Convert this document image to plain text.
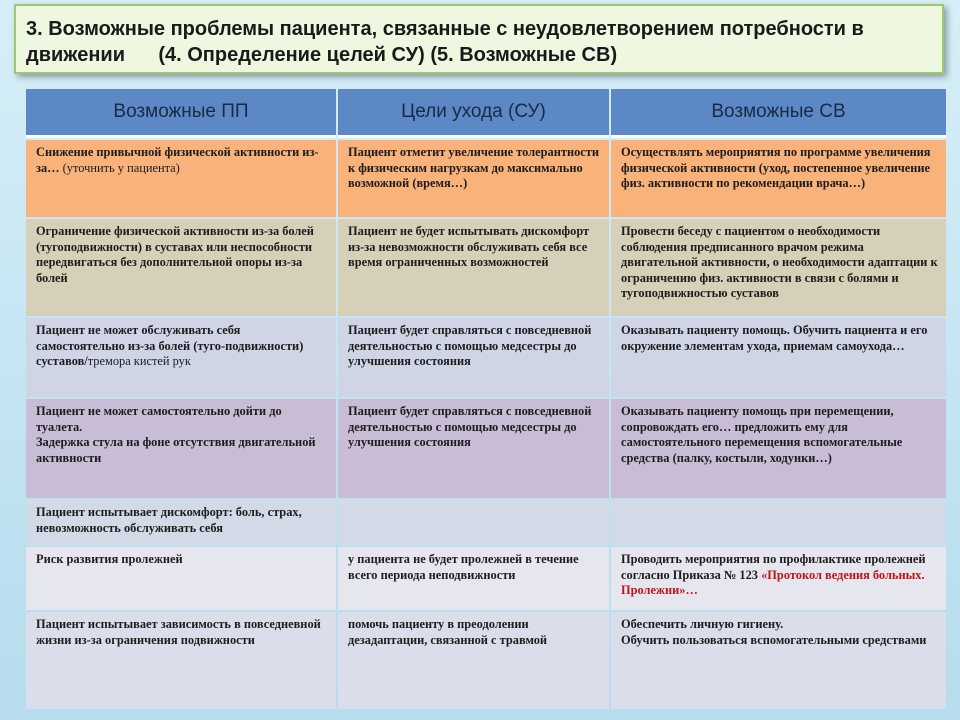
3. Возможные проблемы пациента, связанные с неудовлетворением потребности в
движении      (4. Определение целей СУ) (5. Возможные СВ)
Возможные ПП	Цели ухода (СУ)	Возможные СВ
Снижение привычной физической активности из-за… (уточнить у пациента)	Пациент отметит увеличение толерантности к физическим нагрузкам до максимально возможной (время…)	Осуществлять мероприятия по программе увеличения физической активности (уход, постепенное увеличение физ. активности по рекомендации врача…)
Ограничение физической активности из-за болей (тугоподвижности) в суставах или неспособности передвигаться без дополнительной опоры из-за болей	Пациент не будет испытывать дискомфорт из-за невозможности обслуживать себя все время ограниченных возможностей	Провести беседу с пациентом о необходимости соблюдения предписанного врачом режима двигательной активности, о необходимости адаптации к ограничению физ. активности в связи с болями и тугоподвижностью суставов
Пациент не может обслуживать себя самостоятельно из-за болей (туго-подвижности) суставов/тремора кистей рук	Пациент будет справляться с повседневной деятельностью с помощью медсестры до улучшения состояния	Оказывать пациенту помощь. Обучить пациента и его окружение элементам ухода, приемам самоухода…

Пациент не может самостоятельно дойти до туалета.
Задержка стула на фоне отсутствия двигательной активности	Пациент будет справляться с повседневной деятельностью с помощью медсестры до улучшения состояния	Оказывать пациенту помощь при перемещении, сопровождать его… предложить ему для самостоятельного перемещения вспомогательные средства (палку, костыли, ходунки…)
Пациент испытывает дискомфорт: боль, страх, невозможность обслуживать себя		
Риск развития пролежней	у пациента не будет пролежней в течение всего периода неподвижности	Проводить мероприятия по профилактике пролежней согласно Приказа № 123 «Протокол ведения больных. Пролежни»…
Пациент испытывает зависимость в повседневной жизни из-за ограничения подвижности	помочь пациенту в преодолении дезадаптации, связанной с травмой	Обеспечить личную гигиену.
Обучить пользоваться вспомогательными средствами
